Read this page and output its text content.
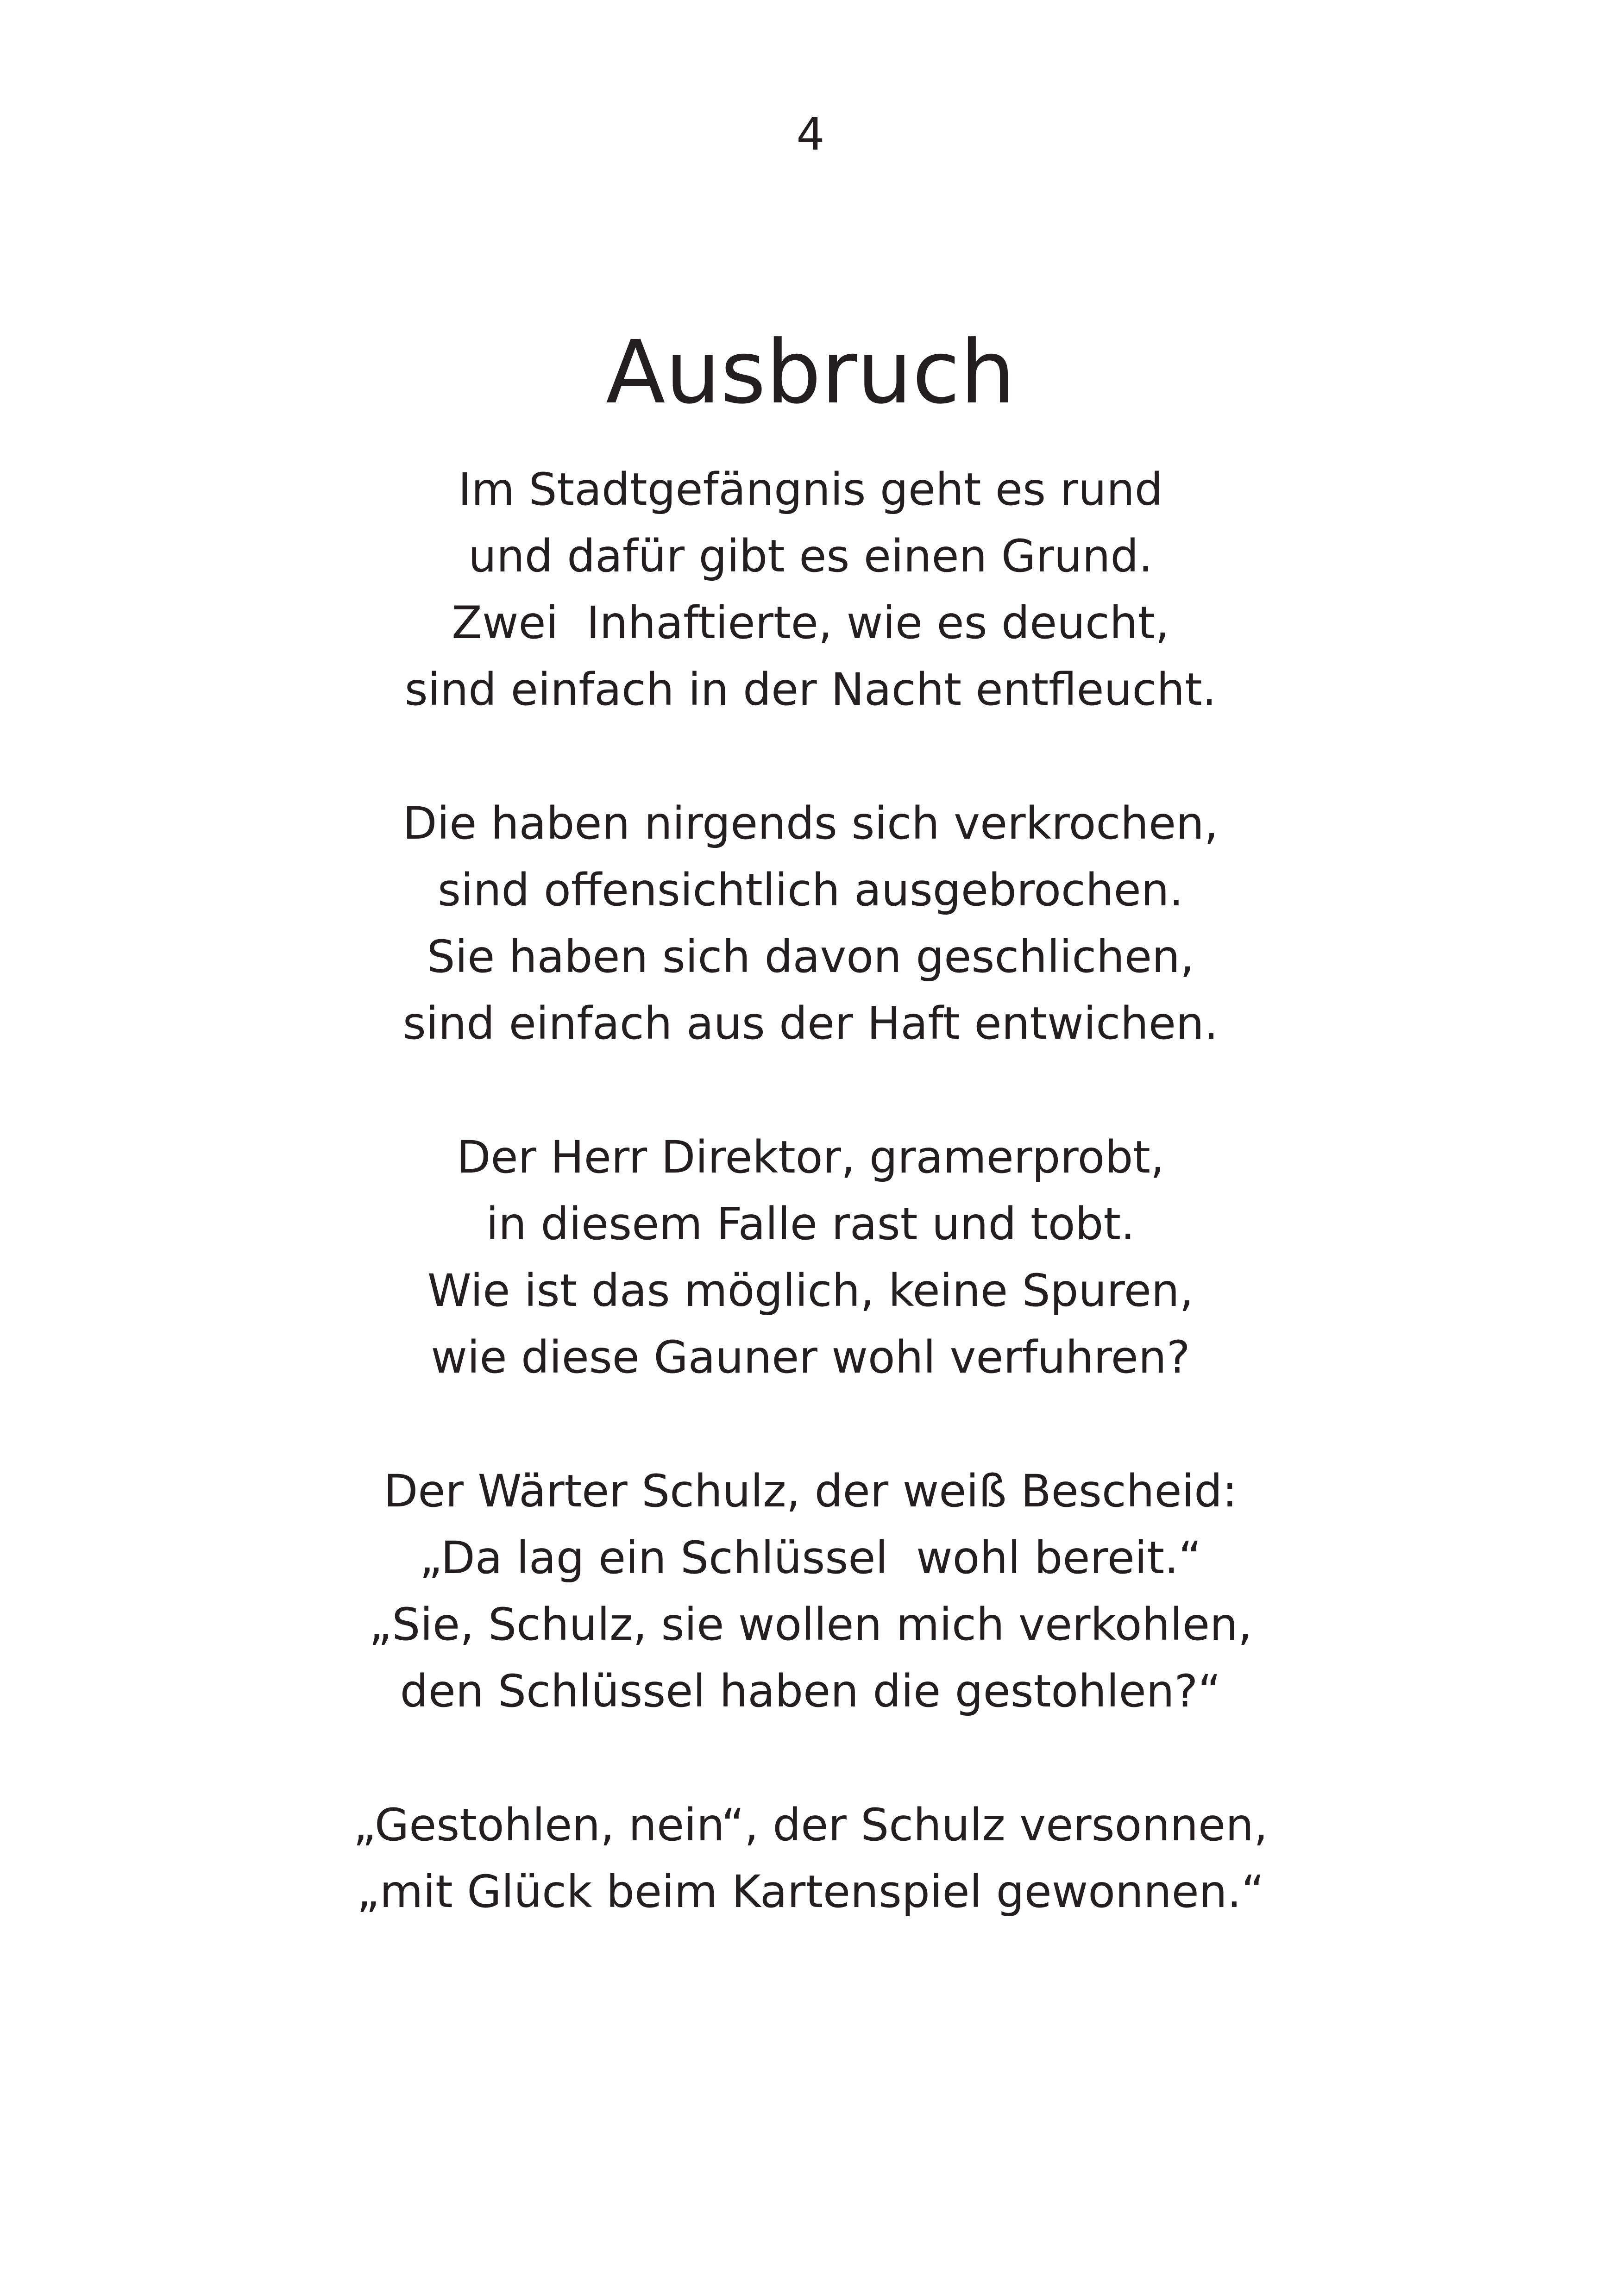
4
Ausbruch
Im Stadtgefängnis geht es rund
und dafür gibt es einen Grund.
Zwei  Inhaftierte, wie es deucht,
sind einfach in der Nacht entfleucht.
Die haben nirgends sich verkrochen,
sind offensichtlich ausgebrochen.
Sie haben sich davon geschlichen,
sind einfach aus der Haft entwichen.
Der Herr Direktor, gramerprobt,
in diesem Falle rast und tobt.
Wie ist das möglich, keine Spuren,
wie diese Gauner wohl verfuhren?
Der Wärter Schulz, der weiß Bescheid:
„Da lag ein Schlüssel  wohl bereit.“
„Sie, Schulz, sie wollen mich verkohlen,
den Schlüssel haben die gestohlen?“
„Gestohlen, nein“, der Schulz versonnen,
„mit Glück beim Kartenspiel gewonnen.“
